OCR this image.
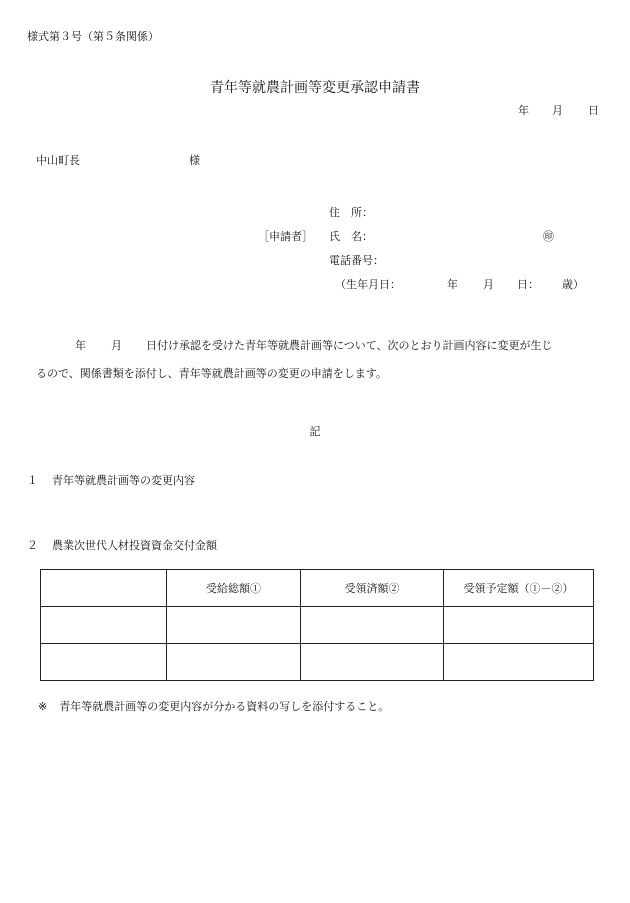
様式第３号（第５条関係）
青年等就農計画等変更承認申請書
年 月 日
中山町長	様
住　所：
［申請者］ 氏　名：	㊞
電話番号：
（生年月日：	年 月 日： 歳）
年 月 日付け承認を受けた青年等就農計画等について、次のとおり計画内容に変更が生じ
るので、関係書類を添付し、青年等就農計画等の変更の申請をします。
記
１ 青年等就農計画等の変更内容
２ 農業次世代人材投資資金交付金額
	受給総額①	受領済額②	受領予定額（①－②）

※ 青年等就農計画等の変更内容が分かる資料の写しを添付すること。
